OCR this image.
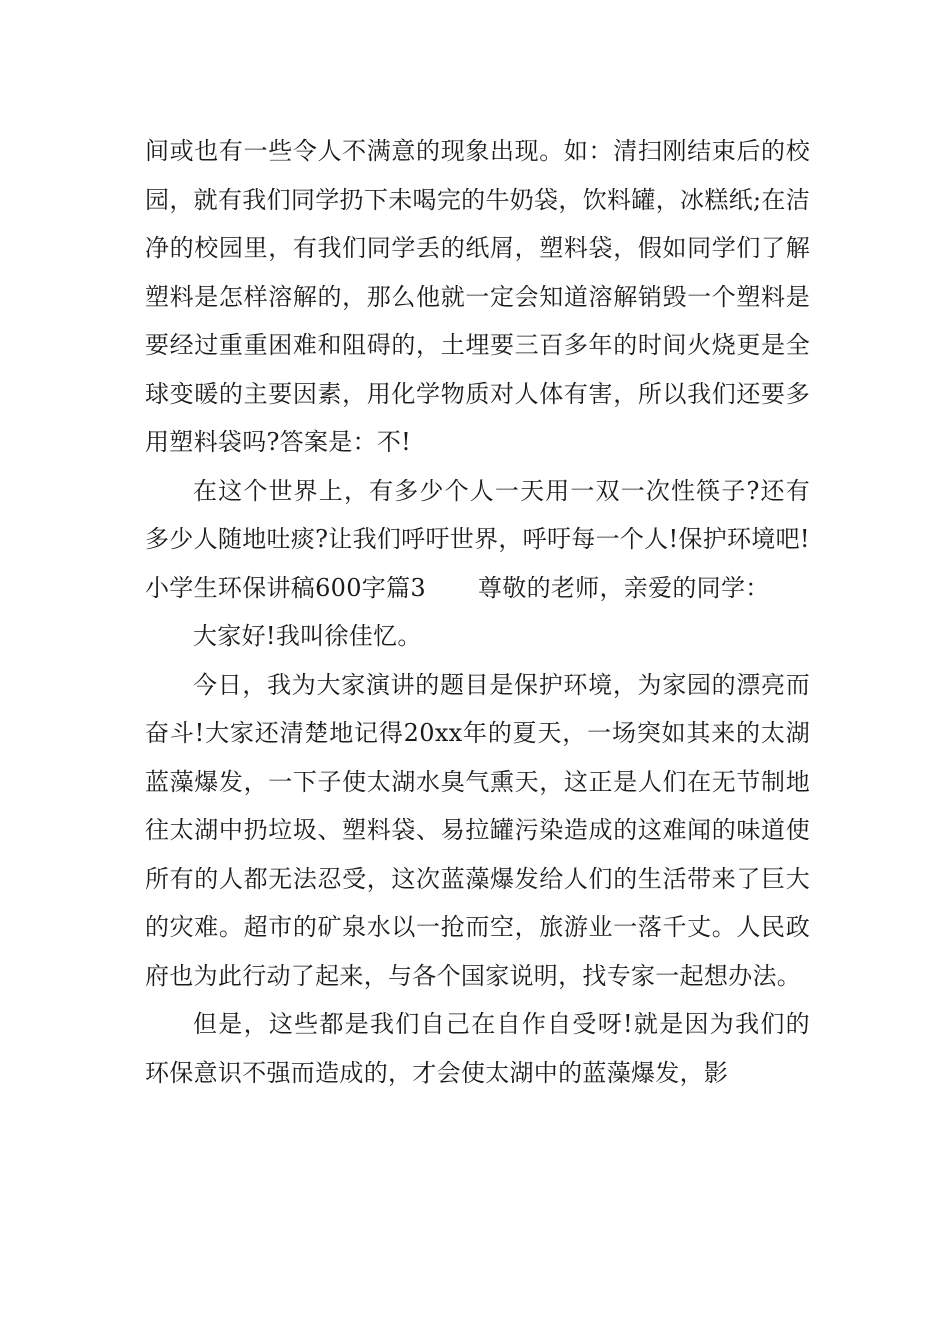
间或也有一些令人不满意的现象出现。如：清扫刚结束后的校园，就有我们同学扔下未喝完的牛奶袋，饮料罐，冰糕纸;在洁净的校园里，有我们同学丢的纸屑，塑料袋，假如同学们了解塑料是怎样溶解的，那么他就一定会知道溶解销毁一个塑料是要经过重重困难和阻碍的，土埋要三百多年的时间火烧更是全球变暖的主要因素，用化学物质对人体有害，所以我们还要多用塑料袋吗?答案是：不!

在这个世界上，有多少个人一天用一双一次性筷子?还有多少人随地吐痰?让我们呼吁世界，呼吁每一个人!保护环境吧!

小学生环保讲稿600字篇3 尊敬的老师，亲爱的同学：

大家好!我叫徐佳忆。

今日，我为大家演讲的题目是保护环境，为家园的漂亮而奋斗!大家还清楚地记得20xx年的夏天，一场突如其来的太湖蓝藻爆发，一下子使太湖水臭气熏天，这正是人们在无节制地往太湖中扔垃圾、塑料袋、易拉罐污染造成的这难闻的味道使所有的人都无法忍受，这次蓝藻爆发给人们的生活带来了巨大的灾难。超市的矿泉水以一抢而空，旅游业一落千丈。人民政府也为此行动了起来，与各个国家说明，找专家一起想办法。

但是，这些都是我们自己在自作自受呀!就是因为我们的环保意识不强而造成的，才会使太湖中的蓝藻爆发，影
